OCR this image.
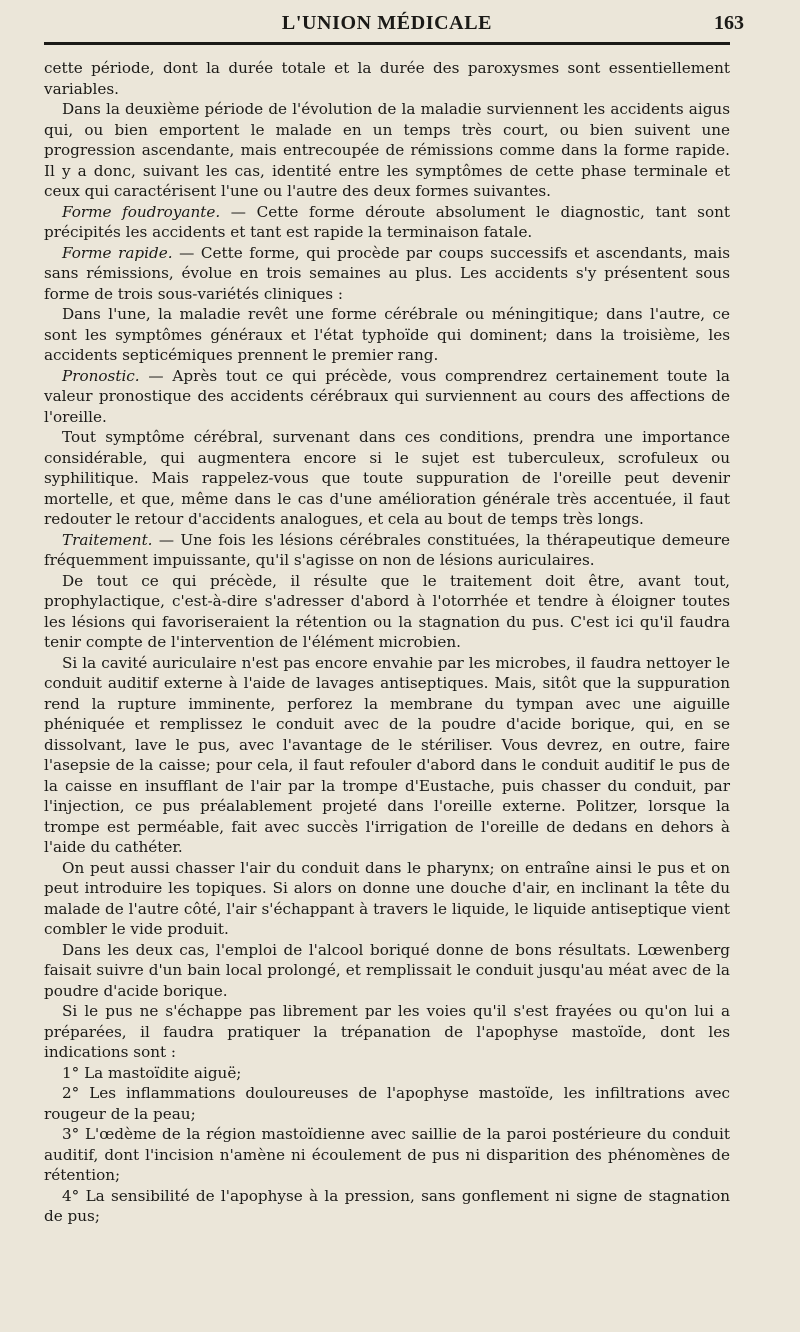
L'UNION MÉDICALE	163

cette période, dont la durée totale et la durée des paroxysmes sont essentiellement variables.

Dans la deuxième période de l'évolution de la maladie surviennent les accidents aigus qui, ou bien emportent le malade en un temps très court, ou bien suivent une progression ascendante, mais entrecoupée de rémissions comme dans la forme rapide. Il y a donc, suivant les cas, identité entre les symptômes de cette phase terminale et ceux qui caractérisent l'une ou l'autre des deux formes suivantes.

Forme foudroyante. — Cette forme déroute absolument le diagnostic, tant sont précipités les accidents et tant est rapide la terminaison fatale.

Forme rapide. — Cette forme, qui procède par coups successifs et ascendants, mais sans rémissions, évolue en trois semaines au plus. Les accidents s'y présentent sous forme de trois sous-variétés cliniques :

Dans l'une, la maladie revêt une forme cérébrale ou méningitique; dans l'autre, ce sont les symptômes généraux et l'état typhoïde qui dominent; dans la troisième, les accidents septicémiques prennent le premier rang.

Pronostic. — Après tout ce qui précède, vous comprendrez certainement toute la valeur pronostique des accidents cérébraux qui surviennent au cours des affections de l'oreille.

Tout symptôme cérébral, survenant dans ces conditions, prendra une importance considérable, qui augmentera encore si le sujet est tuberculeux, scrofuleux ou syphilitique. Mais rappelez-vous que toute suppuration de l'oreille peut devenir mortelle, et que, même dans le cas d'une amélioration générale très accentuée, il faut redouter le retour d'accidents analogues, et cela au bout de temps très longs.

Traitement. — Une fois les lésions cérébrales constituées, la thérapeutique demeure fréquemment impuissante, qu'il s'agisse on non de lésions auriculaires.

De tout ce qui précède, il résulte que le traitement doit être, avant tout, prophylactique, c'est-à-dire s'adresser d'abord à l'otorrhée et tendre à éloigner toutes les lésions qui favoriseraient la rétention ou la stagnation du pus. C'est ici qu'il faudra tenir compte de l'intervention de l'élément microbien.

Si la cavité auriculaire n'est pas encore envahie par les microbes, il faudra nettoyer le conduit auditif externe à l'aide de lavages antiseptiques. Mais, sitôt que la suppuration rend la rupture imminente, perforez la membrane du tympan avec une aiguille phéniquée et remplissez le conduit avec de la poudre d'acide borique, qui, en se dissolvant, lave le pus, avec l'avantage de le stériliser. Vous devrez, en outre, faire l'asepsie de la caisse; pour cela, il faut refouler d'abord dans le conduit auditif le pus de la caisse en insufflant de l'air par la trompe d'Eustache, puis chasser du conduit, par l'injection, ce pus préalablement projeté dans l'oreille externe. Politzer, lorsque la trompe est perméable, fait avec succès l'irrigation de l'oreille de dedans en dehors à l'aide du cathéter.

On peut aussi chasser l'air du conduit dans le pharynx; on entraîne ainsi le pus et on peut introduire les topiques. Si alors on donne une douche d'air, en inclinant la tête du malade de l'autre côté, l'air s'échappant à travers le liquide, le liquide antiseptique vient combler le vide produit.

Dans les deux cas, l'emploi de l'alcool boriqué donne de bons résultats. Lœwenberg faisait suivre d'un bain local prolongé, et remplissait le conduit jusqu'au méat avec de la poudre d'acide borique.

Si le pus ne s'échappe pas librement par les voies qu'il s'est frayées ou qu'on lui a préparées, il faudra pratiquer la trépanation de l'apophyse mastoïde, dont les indications sont :

1° La mastoïdite aiguë;

2° Les inflammations douloureuses de l'apophyse mastoïde, les infiltrations avec rougeur de la peau;

3° L'œdème de la région mastoïdienne avec saillie de la paroi postérieure du conduit auditif, dont l'incision n'amène ni écoulement de pus ni disparition des phénomènes de rétention;

4° La sensibilité de l'apophyse à la pression, sans gonflement ni signe de stagnation de pus;
